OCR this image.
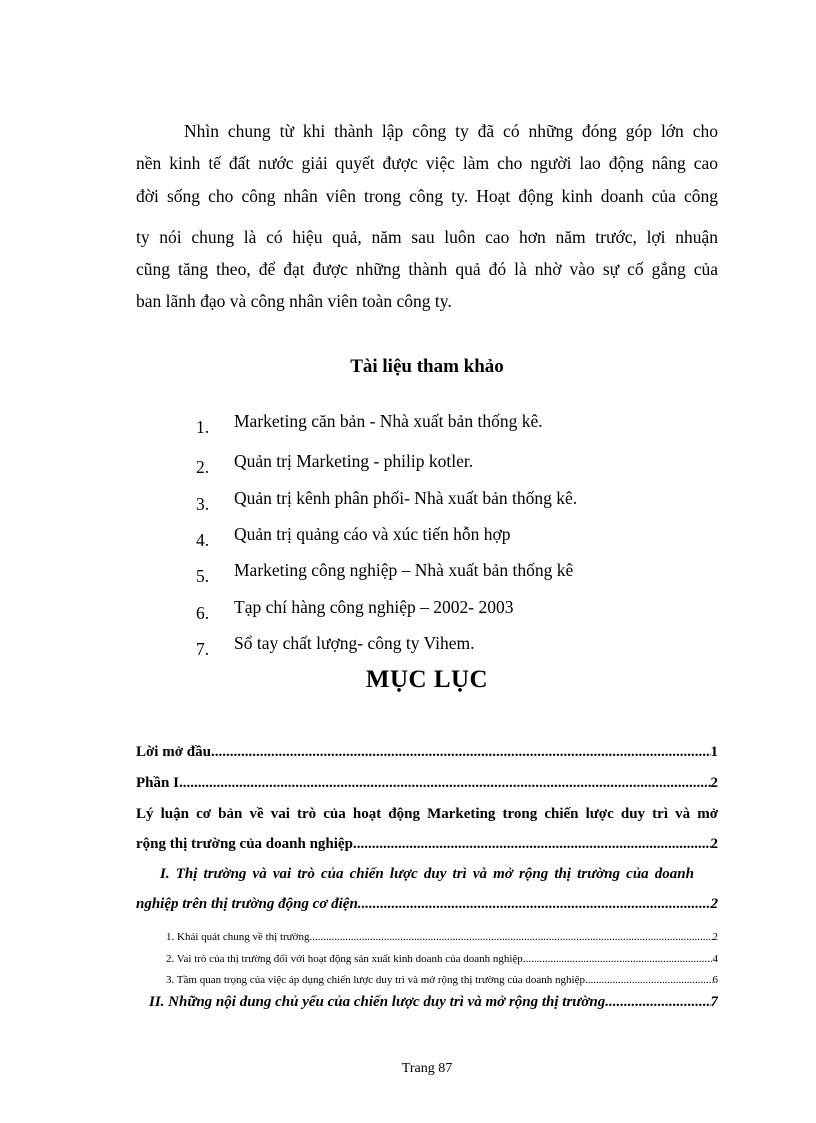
Nhìn chung từ khi thành lập công ty đã có những đóng góp lớn cho
nền kinh tế đất nước giải quyết được việc làm cho người lao động nâng cao
đời sống cho công nhân viên trong công ty. Hoạt động kinh doanh của công
ty nói chung là có hiệu quả, năm sau luôn cao hơn năm trước, lợi nhuận
cũng tăng theo, để đạt được những thành quả đó là nhờ vào sự cố gắng của
ban lãnh đạo và công nhân viên toàn công ty.
Tài liệu tham khảo
1. Marketing căn bản - Nhà xuất bản thống kê.
2. Quản trị Marketing - philip kotler.
3. Quản trị kênh phân phối- Nhà xuất bản thống kê.
4. Quản trị quảng cáo và xúc tiến hỗn hợp
5. Marketing công nghiệp – Nhà xuất bản thống kê
6. Tạp chí hàng công nghiệp – 2002- 2003
7. Sổ tay chất lượng- công ty Vihem.
MỤC LỤC
Lời mở đầu .....	1
Phần I .....	2
Lý luận cơ bản về vai trò của hoạt động Marketing trong chiến lược duy trì và mở
rộng thị trường của doanh nghiệp. .....	2
I. Thị trường và vai trò của chiến lược duy trì và mở rộng thị trường của doanh
nghiệp trên thị trường động cơ điện. .....	2
1. Khái quát chung về thị trường .....	2
2. Vai trò của thị trường đối với hoạt động sản xuất kinh doanh của doanh nghiệp .....	4
3. Tầm quan trọng của việc áp dụng chiến lược duy trì và mở rộng thị trường của doanh nghiệp. .....	6
II. Những nội dung chủ yếu của chiến lược duy trì và mở rộng thị trường .....	7
Trang 87
